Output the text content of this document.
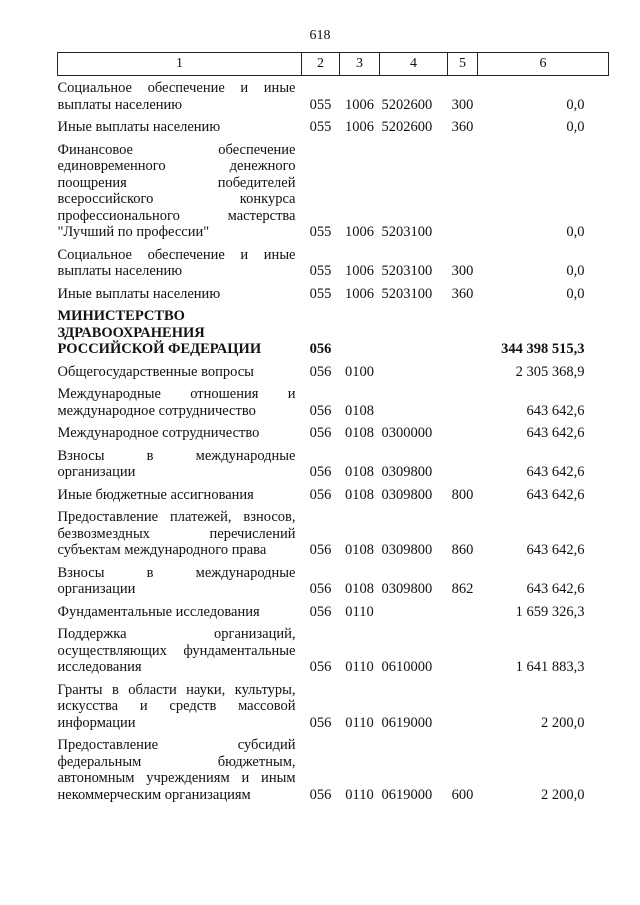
618
1	2	3	4	5	6
Социальное обеспечение и иные выплаты населению	055	1006	5202600	300	0,0
Иные выплаты населению	055	1006	5202600	360	0,0
Финансовое обеспечение единовременного денежного поощрения победителей всероссийского конкурса профессионального мастерства "Лучший по профессии"	055	1006	5203100		0,0
Социальное обеспечение и иные выплаты населению	055	1006	5203100	300	0,0
Иные выплаты населению	055	1006	5203100	360	0,0
МИНИСТЕРСТВО ЗДРАВООХРАНЕНИЯ РОССИЙСКОЙ ФЕДЕРАЦИИ	056				344 398 515,3
Общегосударственные вопросы	056	0100			2 305 368,9
Международные отношения и международное сотрудничество	056	0108			643 642,6
Международное сотрудничество	056	0108	0300000		643 642,6
Взносы в международные организации	056	0108	0309800		643 642,6
Иные бюджетные ассигнования	056	0108	0309800	800	643 642,6
Предоставление платежей, взносов, безвозмездных перечислений субъектам международного права	056	0108	0309800	860	643 642,6
Взносы в международные организации	056	0108	0309800	862	643 642,6
Фундаментальные исследования	056	0110			1 659 326,3
Поддержка организаций, осуществляющих фундаментальные исследования	056	0110	0610000		1 641 883,3
Гранты в области науки, культуры, искусства и средств массовой информации	056	0110	0619000		2 200,0
Предоставление субсидий федеральным бюджетным, автономным учреждениям и иным некоммерческим организациям	056	0110	0619000	600	2 200,0
